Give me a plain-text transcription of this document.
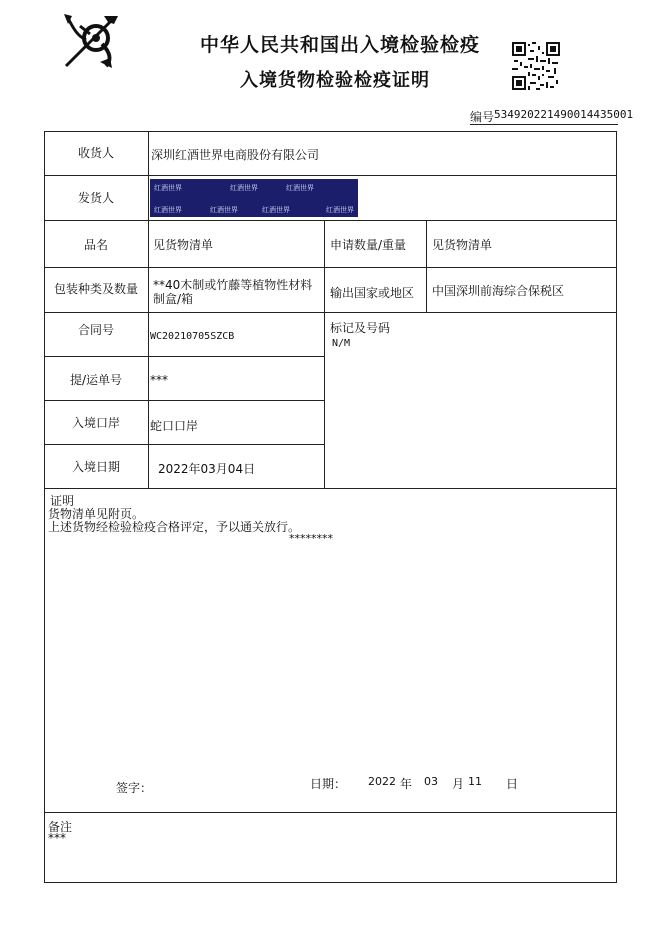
中华人民共和国出入境检验检疫
入境货物检验检疫证明
编号 534920221490014435001
收货人	深圳红酒世界电商股份有限公司
发货人
红酒世界	红酒世界	红酒世界
红酒世界	红酒世界	红酒世界	红酒世界
品名	见货物清单	申请数量/重量 见货物清单
包装种类及数量	**40木制或竹藤等植物性材料制盒/箱	输出国家或地区 中国深圳前海综合保税区
合同号	WC20210705SZCB
标记及号码
N/M
提/运单号	***
入境口岸	蛇口口岸
入境日期	2022年03月04日
证明
货物清单见附页。
上述货物经检验检疫合格评定，予以通关放行。
********
签字：	日期： 2022 年 03 月 11 日
备注
***
